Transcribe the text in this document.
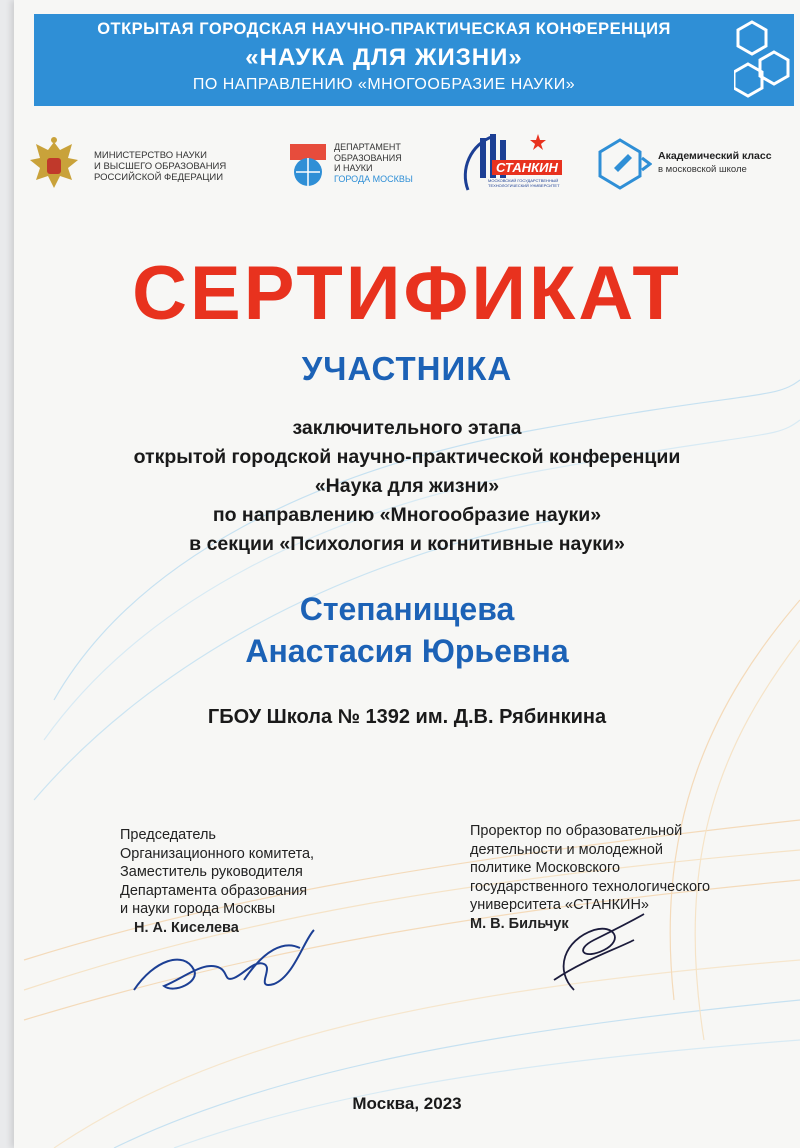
ОТКРЫТАЯ ГОРОДСКАЯ НАУЧНО-ПРАКТИЧЕСКАЯ КОНФЕРЕНЦИЯ
«НАУКА ДЛЯ ЖИЗНИ»
ПО НАПРАВЛЕНИЮ «МНОГООБРАЗИЕ НАУКИ»
МИНИСТЕРСТВО НАУКИ
И ВЫСШЕГО ОБРАЗОВАНИЯ
РОССИЙСКОЙ ФЕДЕРАЦИИ
ДЕПАРТАМЕНТ
ОБРАЗОВАНИЯ
И НАУКИ
ГОРОДА МОСКВЫ
СТАНКИН
МОСКОВСКИЙ ГОСУДАРСТВЕННЫЙ ТЕХНОЛОГИЧЕСКИЙ УНИВЕРСИТЕТ
Академический класс
в московской школе
СЕРТИФИКАТ
УЧАСТНИКА
заключительного этапа
открытой городской научно-практической конференции
«Наука для жизни»
по направлению «Многообразие науки»
в секции «Психология и когнитивные науки»
Степанищева
Анастасия Юрьевна
ГБОУ Школа № 1392 им. Д.В. Рябинкина
Председатель
Организационного комитета,
Заместитель руководителя
Департамента образования
и науки города Москвы
Н. А. Киселева
Проректор по образовательной
деятельности и молодежной
политике Московского
государственного технологического
университета «СТАНКИН»
М. В. Бильчук
Москва, 2023
